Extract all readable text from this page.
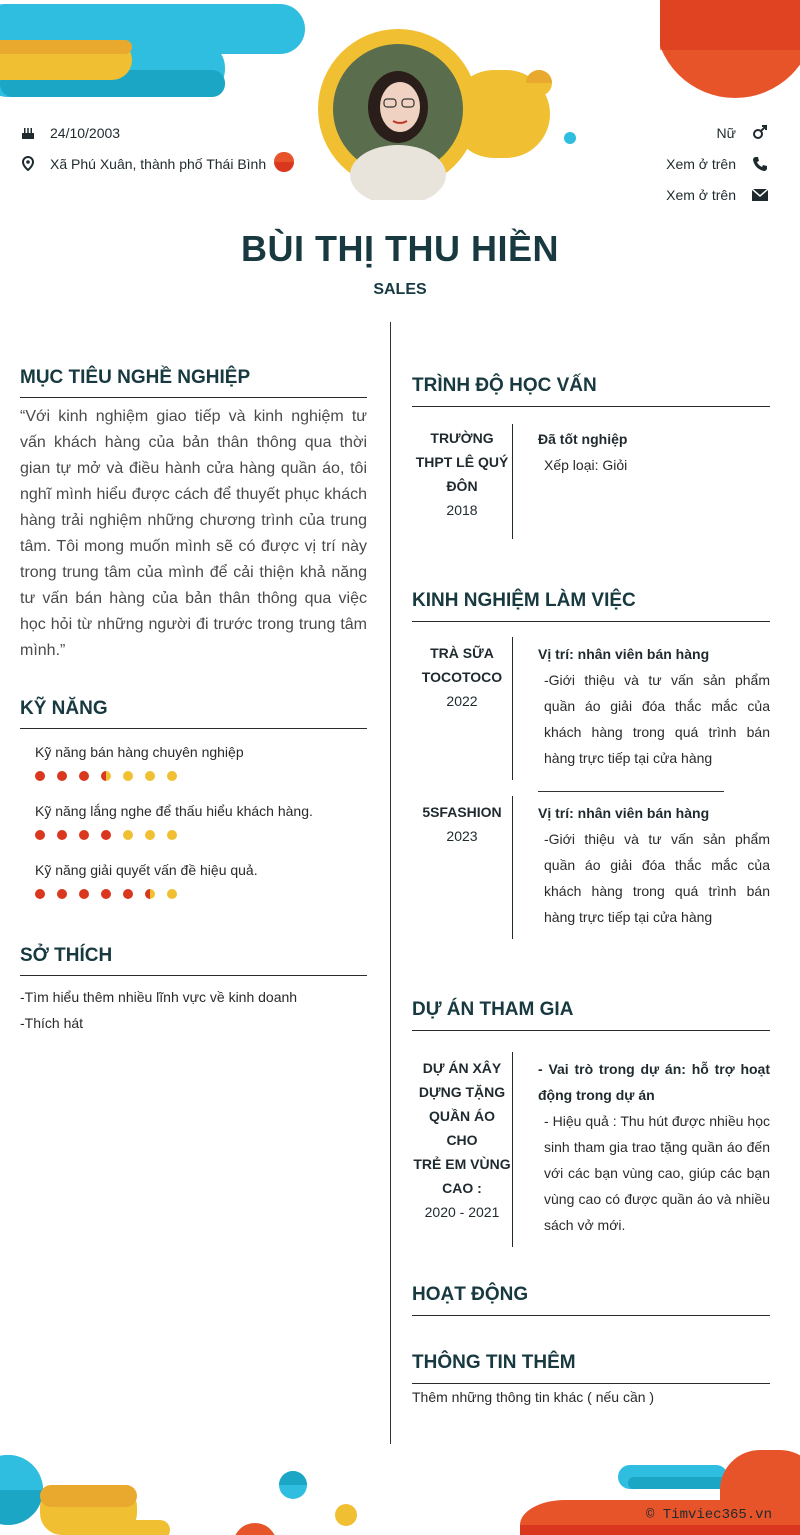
24/10/2003
Xã Phú Xuân, thành phố Thái Bình
Nữ
Xem ở trên
Xem ở trên
BÙI THỊ THU HIỀN
SALES
MỤC TIÊU NGHỀ NGHIỆP
“Với kinh nghiệm giao tiếp và kinh nghiệm tư vấn khách hàng của bản thân thông qua thời gian tự mở và điều hành cửa hàng quần áo, tôi nghĩ mình hiểu được cách để thuyết phục khách hàng trải nghiệm những chương trình của trung tâm. Tôi mong muốn mình sẽ có được vị trí này trong trung tâm của mình để cải thiện khả năng tư vấn bán hàng của bản thân thông qua việc học hỏi từ những người đi trước trong trung tâm mình.”
KỸ NĂNG
Kỹ năng bán hàng chuyên nghiệp
Kỹ năng lắng nghe để thấu hiểu khách hàng.
Kỹ năng giải quyết vấn đề hiệu quả.
SỞ THÍCH
-Tìm hiểu thêm nhiều lĩnh vực về kinh doanh
-Thích hát
TRÌNH ĐỘ HỌC VẤN
TRƯỜNG
THPT LÊ QUÝ
ĐÔN
2018
Đã tốt nghiệp
Xếp loại: Giỏi
KINH NGHIỆM LÀM VIỆC
TRÀ SỮA
TOCOTOCO
2022
Vị trí: nhân viên bán hàng
-Giới thiệu và tư vấn sản phẩm quần áo giải đóa thắc mắc của khách hàng trong quá trình bán hàng trực tiếp tại cửa hàng
5SFASHION
2023
Vị trí: nhân viên bán hàng
-Giới thiệu và tư vấn sản phẩm quần áo giải đóa thắc mắc của khách hàng trong quá trình bán hàng trực tiếp tại cửa hàng
DỰ ÁN THAM GIA
DỰ ÁN XÂY
DỰNG TẶNG
QUẦN ÁO CHO
TRẺ EM VÙNG
CAO :
2020 - 2021
- Vai trò trong dự án: hỗ trợ hoạt động trong dự án
- Hiệu quả : Thu hút được nhiều học sinh tham gia trao tặng quần áo đến với các bạn vùng cao, giúp các bạn vùng cao có được quần áo và nhiều sách vở mới.
HOẠT ĐỘNG
THÔNG TIN THÊM
Thêm những thông tin khác ( nếu cần )
© Timviec365.vn
